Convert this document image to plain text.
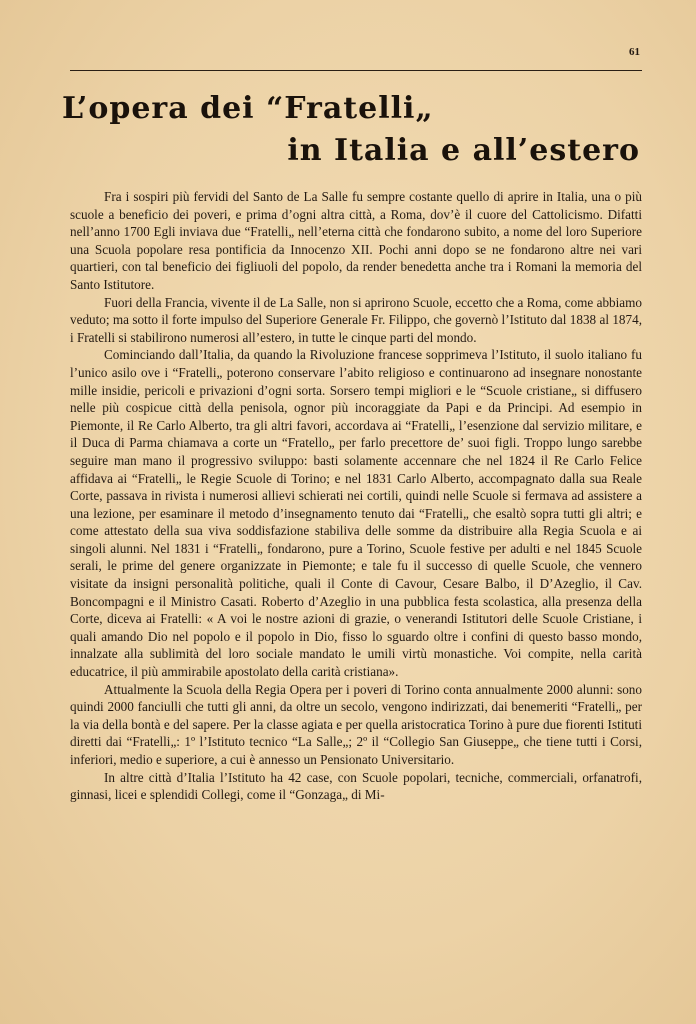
61
L’opera dei “Fratelli„
in Italia e all’estero

Fra i sospiri più fervidi del Santo de La Salle fu sempre costante quello di aprire in Italia, una o più scuole a beneficio dei poveri, e prima d’ogni altra città, a Roma, dov’è il cuore del Cattolicismo. Difatti nell’anno 1700 Egli inviava due “Fratelli„ nell’eterna città che fondarono subito, a nome del loro Superiore una Scuola popolare resa pontificia da Innocenzo XII. Pochi anni dopo se ne fondarono altre nei vari quartieri, con tal beneficio dei figliuoli del popolo, da render benedetta anche tra i Romani la memoria del Santo Istitutore.

Fuori della Francia, vivente il de La Salle, non si aprirono Scuole, eccetto che a Roma, come abbiamo veduto; ma sotto il forte impulso del Superiore Generale Fr. Filippo, che governò l’Istituto dal 1838 al 1874, i Fratelli si stabilirono numerosi all’estero, in tutte le cinque parti del mondo.

Cominciando dall’Italia, da quando la Rivoluzione francese sopprimeva l’Istituto, il suolo italiano fu l’unico asilo ove i “Fratelli„ poterono conservare l’abito religioso e continuarono ad insegnare nonostante mille insidie, pericoli e privazioni d’ogni sorta. Sorsero tempi migliori e le “Scuole cristiane„ si diffusero nelle più cospicue città della penisola, ognor più incoraggiate da Papi e da Principi. Ad esempio in Piemonte, il Re Carlo Alberto, tra gli altri favori, accordava ai “Fratelli„ l’esenzione dal servizio militare, e il Duca di Parma chiamava a corte un “Fratello„ per farlo precettore de’ suoi figli. Troppo lungo sarebbe seguire man mano il progressivo sviluppo: basti solamente accennare che nel 1824 il Re Carlo Felice affidava ai “Fratelli„ le Regie Scuole di Torino; e nel 1831 Carlo Alberto, accompagnato dalla sua Reale Corte, passava in rivista i numerosi allievi schierati nei cortili, quindi nelle Scuole si fermava ad assistere a una lezione, per esaminare il metodo d’insegnamento tenuto dai “Fratelli„ che esaltò sopra tutti gli altri; e come attestato della sua viva soddisfazione stabiliva delle somme da distribuire alla Regia Scuola e ai singoli alunni. Nel 1831 i “Fratelli„ fondarono, pure a Torino, Scuole festive per adulti e nel 1845 Scuole serali, le prime del genere organizzate in Piemonte; e tale fu il successo di quelle Scuole, che vennero visitate da insigni personalità politiche, quali il Conte di Cavour, Cesare Balbo, il D’Azeglio, il Cav. Boncompagni e il Ministro Casati. Roberto d’Azeglio in una pubblica festa scolastica, alla presenza della Corte, diceva ai Fratelli: « A voi le nostre azioni di grazie, o venerandi Istitutori delle Scuole Cristiane, i quali amando Dio nel popolo e il popolo in Dio, fisso lo sguardo oltre i confini di questo basso mondo, innalzate alla sublimità del loro sociale mandato le umili virtù monastiche. Voi compite, nella carità educatrice, il più ammirabile apostolato della carità cristiana».

Attualmente la Scuola della Regia Opera per i poveri di Torino conta annualmente 2000 alunni: sono quindi 2000 fanciulli che tutti gli anni, da oltre un secolo, vengono indirizzati, dai benemeriti “Fratelli„ per la via della bontà e del sapere. Per la classe agiata e per quella aristocratica Torino à pure due fiorenti Istituti diretti dai “Fratelli„: 1º l’Istituto tecnico “La Salle„; 2º il “Collegio San Giuseppe„ che tiene tutti i Corsi, inferiori, medio e superiore, a cui è annesso un Pensionato Universitario.

In altre città d’Italia l’Istituto ha 42 case, con Scuole popolari, tecniche, commerciali, orfanatrofi, ginnasi, licei e splendidi Collegi, come il “Gonzaga„ di Mi-
